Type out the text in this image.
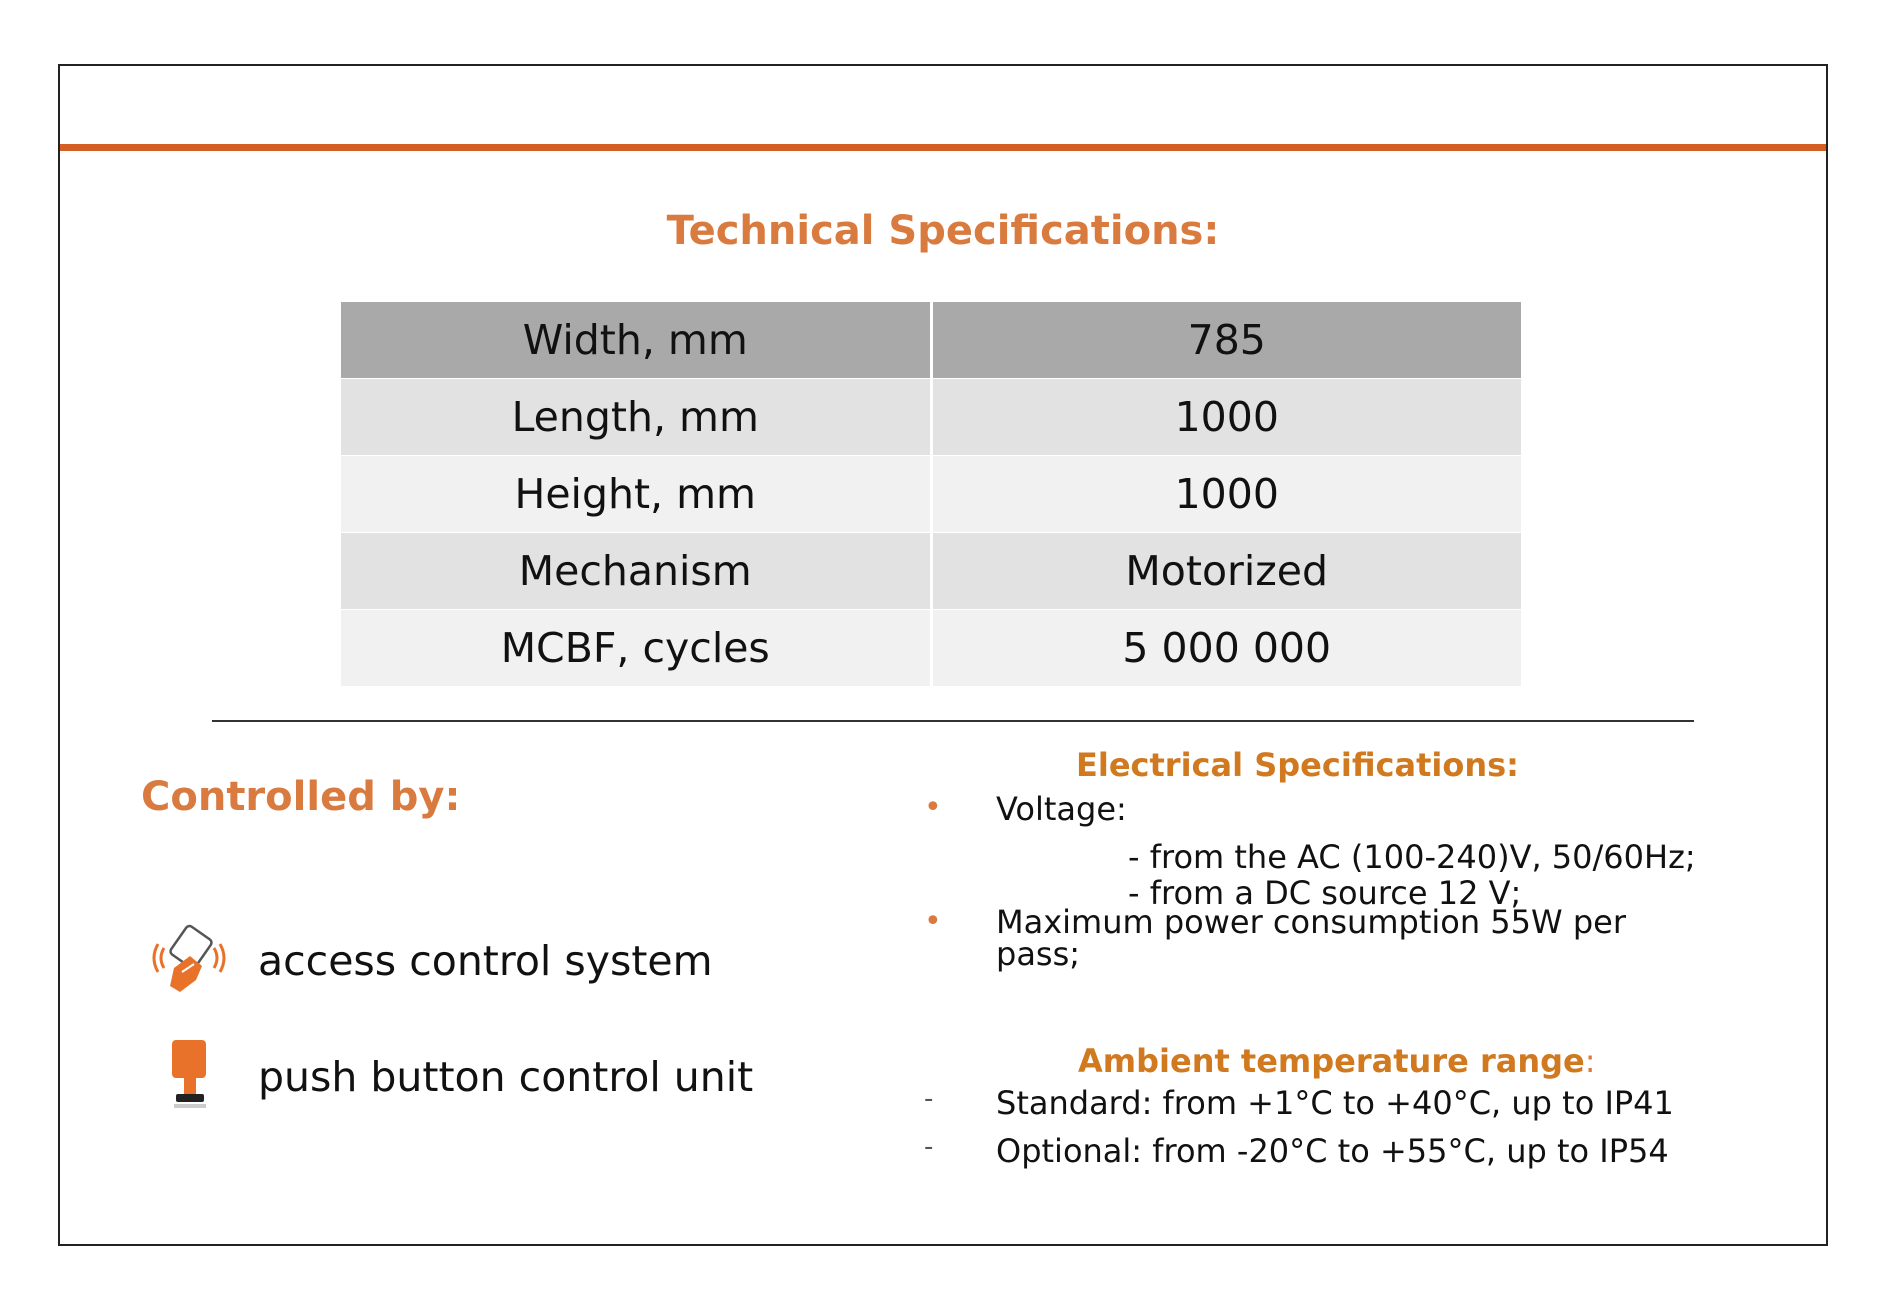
Technical Specifications:
Width, mm	785
Length, mm	1000
Height, mm	1000
Mechanism	Motorized
MCBF, cycles	5 000 000
Controlled by:
access control system
push button control unit
Electrical Specifications:
• Voltage:
- from the AC (100-240)V, 50/60Hz;
- from a DC source 12 V;
• Maximum power consumption 55W per
pass;
Ambient temperature range:
- Standard: from +1°C to +40°C, up to IP41
- Optional: from -20°C to +55°C, up to IP54
